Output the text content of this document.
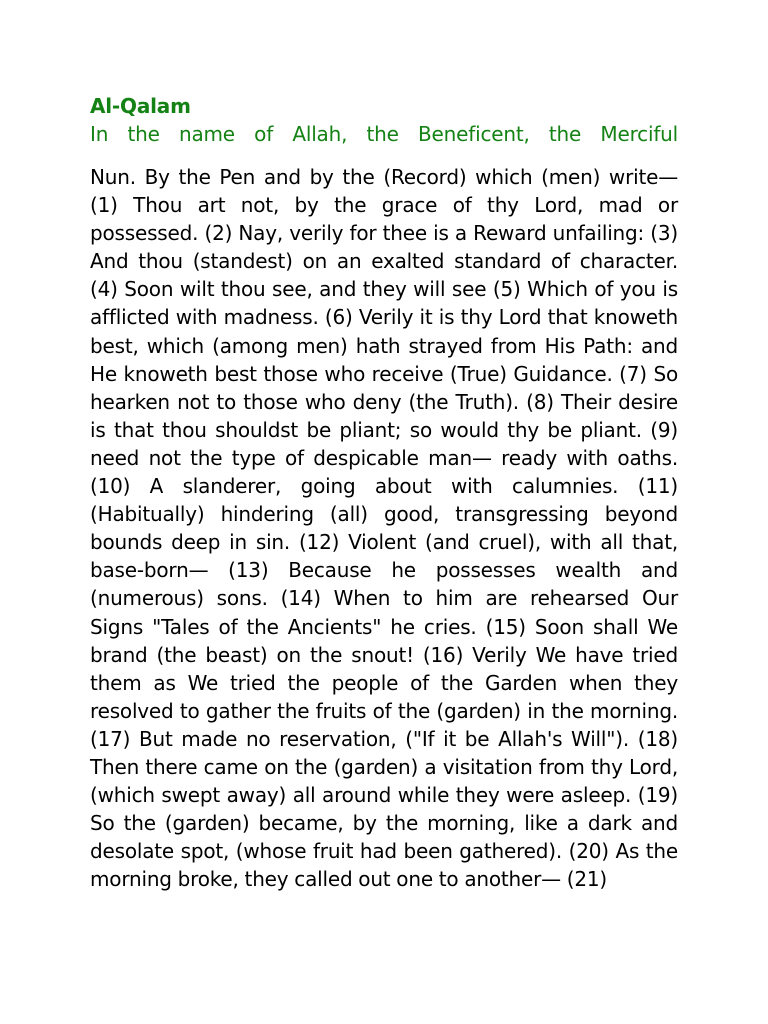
Al-Qalam

In the name of Allah, the Beneficent, the Merciful

Nun. By the Pen and by the (Record) which (men) write— (1) Thou art not, by the grace of thy Lord, mad or possessed. (2) Nay, verily for thee is a Reward unfailing: (3) And thou (standest) on an exalted standard of character. (4) Soon wilt thou see, and they will see (5) Which of you is afflicted with madness. (6) Verily it is thy Lord that knoweth best, which (among men) hath strayed from His Path: and He knoweth best those who receive (True) Guidance. (7) So hearken not to those who deny (the Truth). (8) Their desire is that thou shouldst be pliant; so would thy be pliant. (9) need not the type of despicable man— ready with oaths. (10) A slanderer, going about with calumnies. (11) (Habitually) hindering (all) good, transgressing beyond bounds deep in sin. (12) Violent (and cruel), with all that, base-born— (13) Because he possesses wealth and (numerous) sons. (14) When to him are rehearsed Our Signs "Tales of the Ancients" he cries. (15) Soon shall We brand (the beast) on the snout! (16) Verily We have tried them as We tried the people of the Garden when they resolved to gather the fruits of the (garden) in the morning. (17) But made no reservation, ("If it be Allah's Will"). (18) Then there came on the (garden) a visitation from thy Lord, (which swept away) all around while they were asleep. (19) So the (garden) became, by the morning, like a dark and desolate spot, (whose fruit had been gathered). (20) As the morning broke, they called out one to another— (21)
